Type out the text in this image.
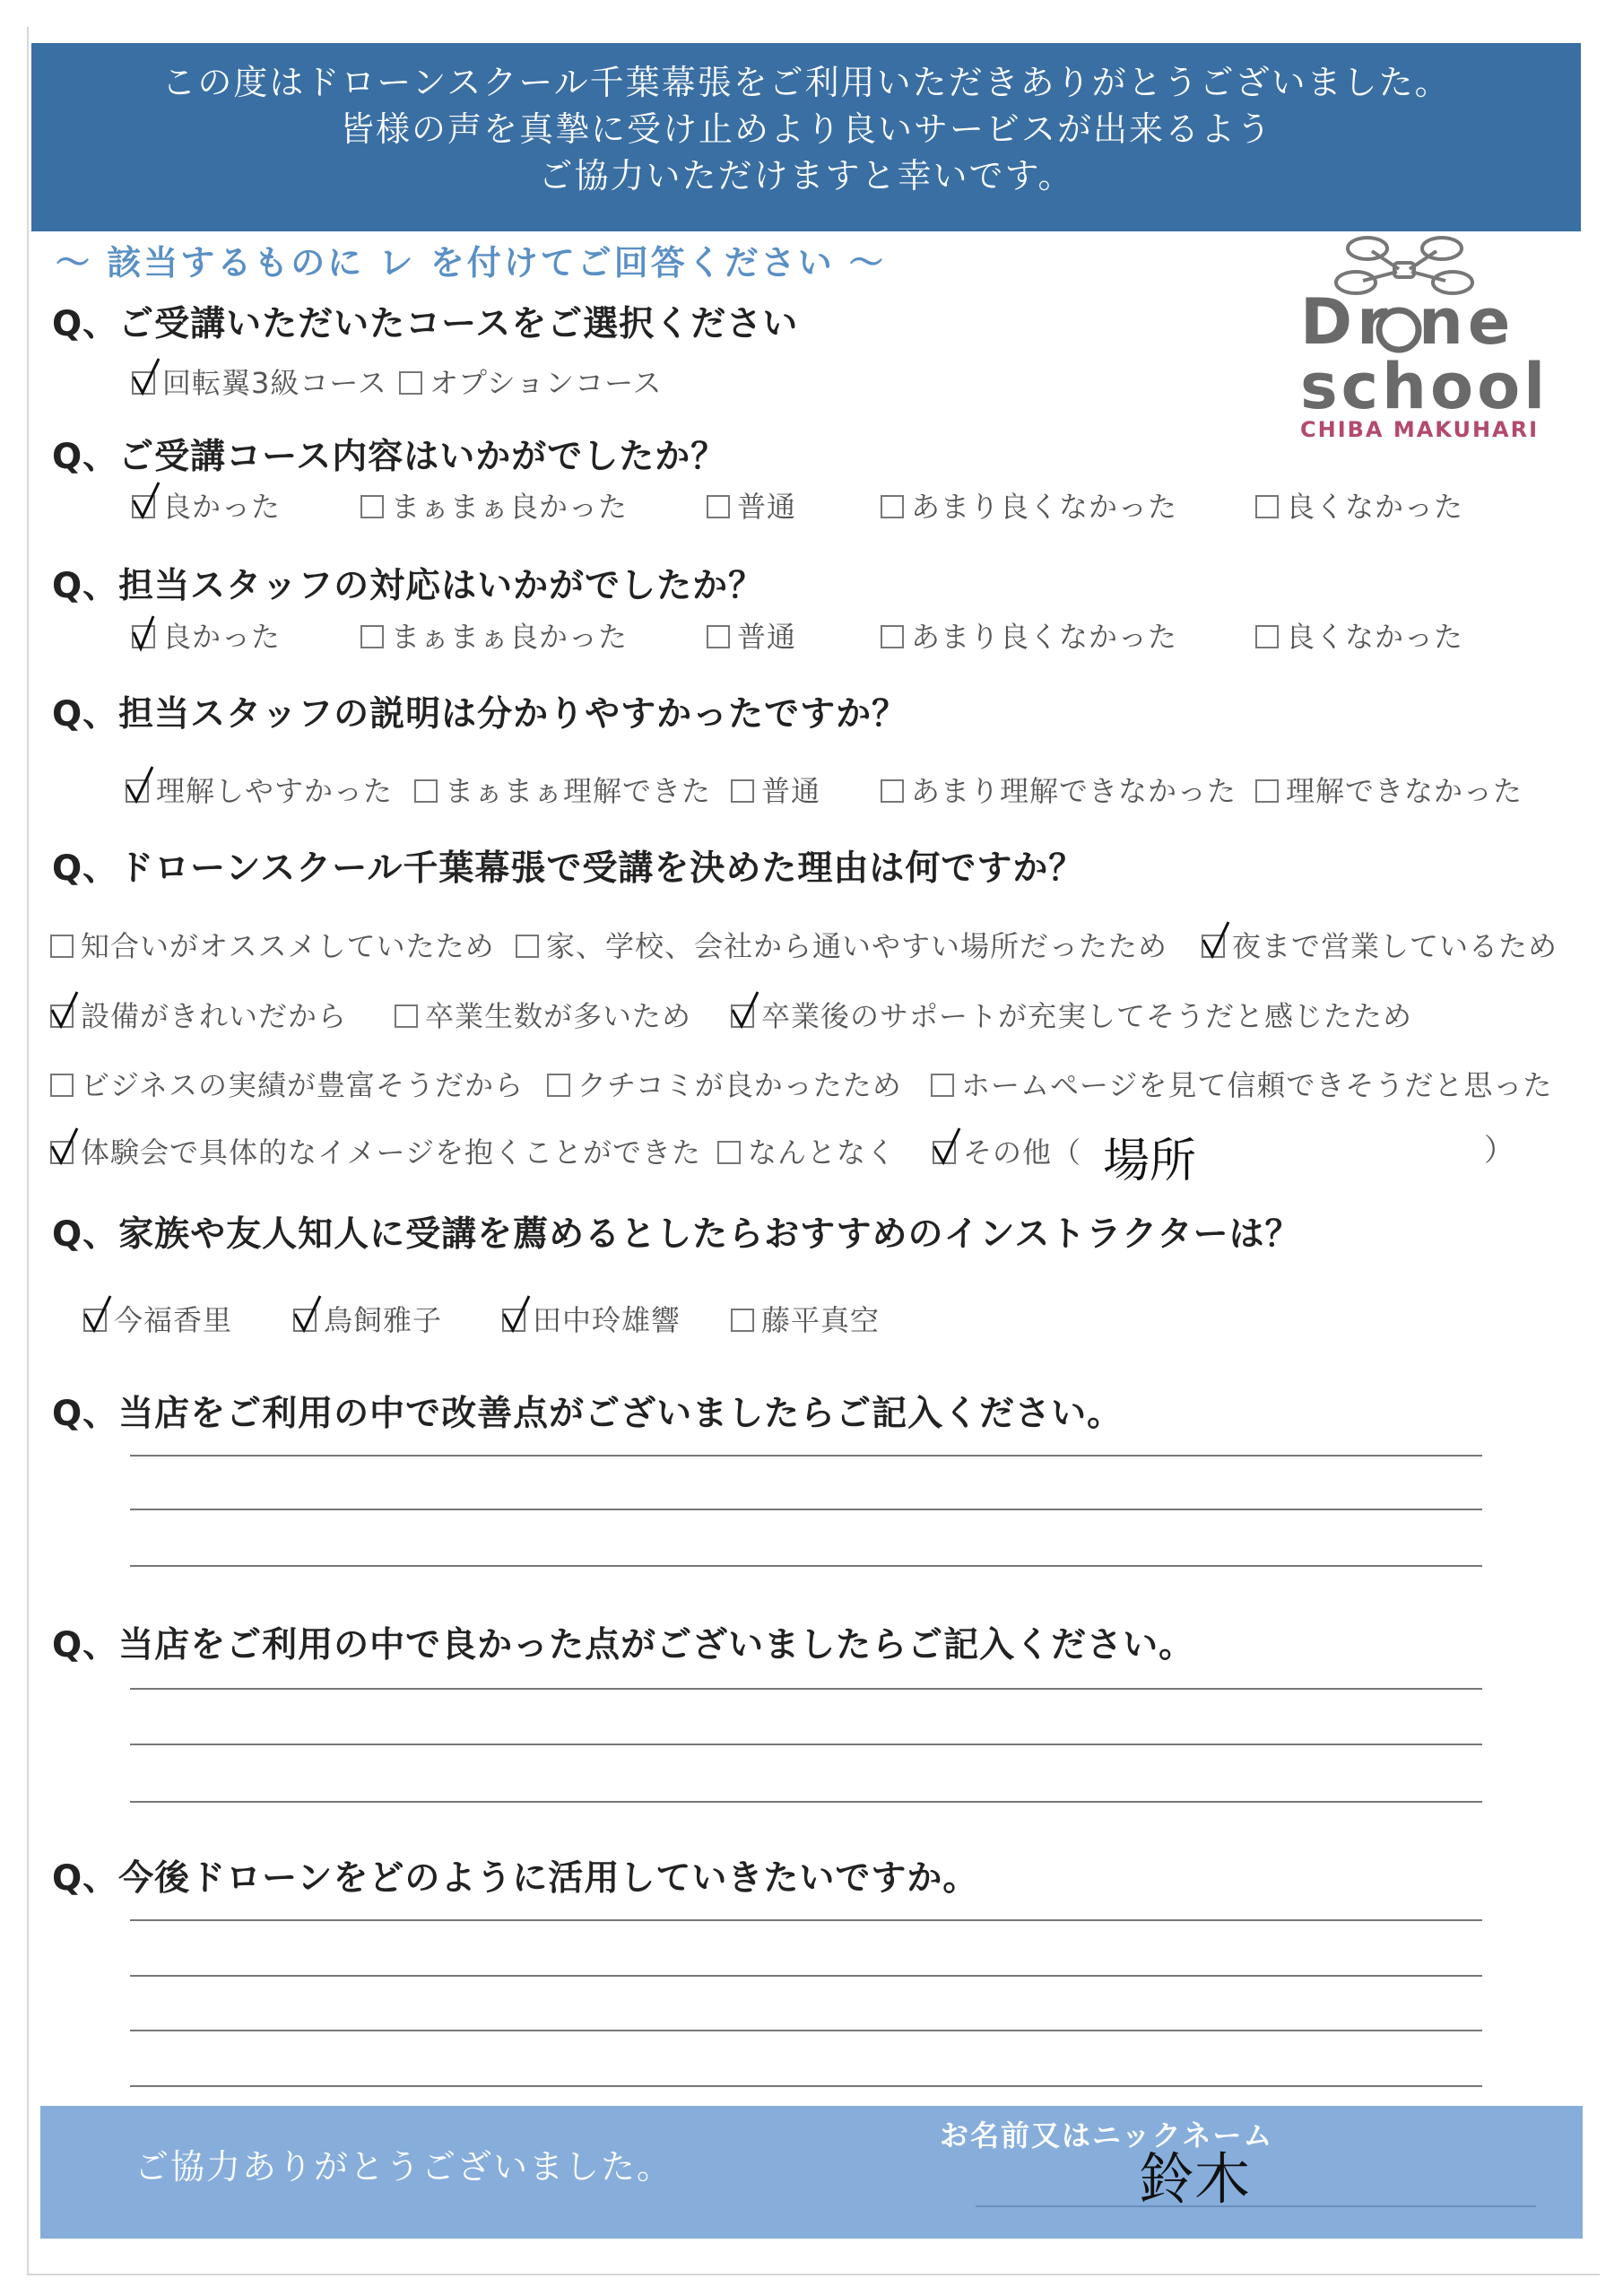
この度はドローンスクール千葉幕張をご利用いただきありがとうございました。
皆様の声を真摯に受け止めより良いサービスが出来るよう
ご協力いただけますと幸いです。
～ 該当するものに レ を付けてご回答ください ～
Dr ne
school
CHIBA MAKUHARI
Q、ご受講いただいたコースをご選択ください
回転翼3級コース	オプションコース
Q、ご受講コース内容はいかがでしたか？
良かった	まぁまぁ良かった	普通	あまり良くなかった	良くなかった
Q、担当スタッフの対応はいかがでしたか？
良かった	まぁまぁ良かった	普通	あまり良くなかった	良くなかった
Q、担当スタッフの説明は分かりやすかったですか？
理解しやすかった	まぁまぁ理解できた	普通	あまり理解できなかった	理解できなかった
Q、ドローンスクール千葉幕張で受講を決めた理由は何ですか？
知合いがオススメしていたため	家、学校、会社から通いやすい場所だったため	夜まで営業しているため
設備がきれいだから	卒業生数が多いため	卒業後のサポートが充実してそうだと感じたため
ビジネスの実績が豊富そうだから	クチコミが良かったため	ホームページを見て信頼できそうだと思った
体験会で具体的なイメージを抱くことができた	なんとなく	その他（ 場所	）
Q、家族や友人知人に受講を薦めるとしたらおすすめのインストラクターは？
今福香里	鳥飼雅子	田中玲雄響	藤平真空
Q、当店をご利用の中で改善点がございましたらご記入ください。
Q、当店をご利用の中で良かった点がございましたらご記入ください。
Q、今後ドローンをどのように活用していきたいですか。
ご協力ありがとうございました。
お名前又はニックネーム
鈴木
